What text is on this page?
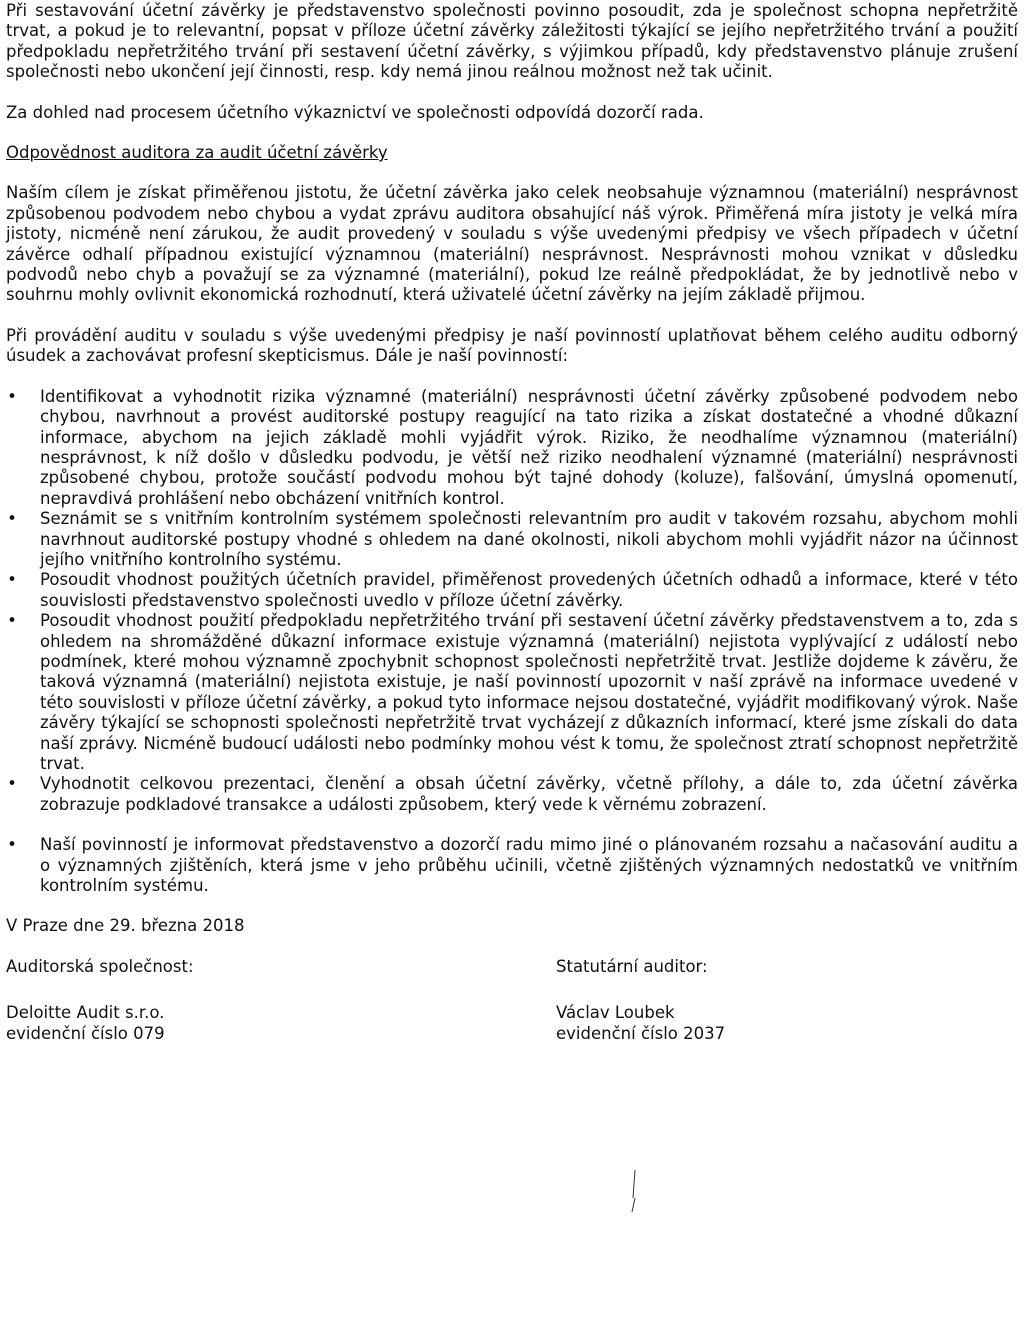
Při sestavování účetní závěrky je představenstvo společnosti povinno posoudit, zda je společnost schopna nepřetržitě trvat, a pokud je to relevantní, popsat v příloze účetní závěrky záležitosti týkající se jejího nepřetržitého trvání a použití předpokladu nepřetržitého trvání při sestavení účetní závěrky, s výjimkou případů, kdy představenstvo plánuje zrušení společnosti nebo ukončení její činnosti, resp. kdy nemá jinou reálnou možnost než tak učinit.

Za dohled nad procesem účetního výkaznictví ve společnosti odpovídá dozorčí rada.

Odpovědnost auditora za audit účetní závěrky

Naším cílem je získat přiměřenou jistotu, že účetní závěrka jako celek neobsahuje významnou (materiální) nesprávnost způsobenou podvodem nebo chybou a vydat zprávu auditora obsahující náš výrok. Přiměřená míra jistoty je velká míra jistoty, nicméně není zárukou, že audit provedený v souladu s výše uvedenými předpisy ve všech případech v účetní závěrce odhalí případnou existující významnou (materiální) nesprávnost. Nesprávnosti mohou vznikat v důsledku podvodů nebo chyb a považují se za významné (materiální), pokud lze reálně předpokládat, že by jednotlivě nebo v souhrnu mohly ovlivnit ekonomická rozhodnutí, která uživatelé účetní závěrky na jejím základě přijmou.

Při provádění auditu v souladu s výše uvedenými předpisy je naší povinností uplatňovat během celého auditu odborný úsudek a zachovávat profesní skepticismus. Dále je naší povinností:

• Identifikovat a vyhodnotit rizika významné (materiální) nesprávnosti účetní závěrky způsobené podvodem nebo chybou, navrhnout a provést auditorské postupy reagující na tato rizika a získat dostatečné a vhodné důkazní informace, abychom na jejich základě mohli vyjádřit výrok. Riziko, že neodhalíme významnou (materiální) nesprávnost, k níž došlo v důsledku podvodu, je větší než riziko neodhalení významné (materiální) nesprávnosti způsobené chybou, protože součástí podvodu mohou být tajné dohody (koluze), falšování, úmyslná opomenutí, nepravdivá prohlášení nebo obcházení vnitřních kontrol.
• Seznámit se s vnitřním kontrolním systémem společnosti relevantním pro audit v takovém rozsahu, abychom mohli navrhnout auditorské postupy vhodné s ohledem na dané okolnosti, nikoli abychom mohli vyjádřit názor na účinnost jejího vnitřního kontrolního systému.
• Posoudit vhodnost použitých účetních pravidel, přiměřenost provedených účetních odhadů a informace, které v této souvislosti představenstvo společnosti uvedlo v příloze účetní závěrky.
• Posoudit vhodnost použití předpokladu nepřetržitého trvání při sestavení účetní závěrky představenstvem a to, zda s ohledem na shromážděné důkazní informace existuje významná (materiální) nejistota vyplývající z událostí nebo podmínek, které mohou významně zpochybnit schopnost společnosti nepřetržitě trvat. Jestliže dojdeme k závěru, že taková významná (materiální) nejistota existuje, je naší povinností upozornit v naší zprávě na informace uvedené v této souvislosti v příloze účetní závěrky, a pokud tyto informace nejsou dostatečné, vyjádřit modifikovaný výrok. Naše závěry týkající se schopnosti společnosti nepřetržitě trvat vycházejí z důkazních informací, které jsme získali do data naší zprávy. Nicméně budoucí události nebo podmínky mohou vést k tomu, že společnost ztratí schopnost nepřetržitě trvat.
• Vyhodnotit celkovou prezentaci, členění a obsah účetní závěrky, včetně přílohy, a dále to, zda účetní závěrka zobrazuje podkladové transakce a události způsobem, který vede k věrnému zobrazení.
• Naší povinností je informovat představenstvo a dozorčí radu mimo jiné o plánovaném rozsahu a načasování auditu a o významných zjištěních, která jsme v jeho průběhu učinili, včetně zjištěných významných nedostatků ve vnitřním kontrolním systému.

V Praze dne 29. března 2018

Auditorská společnost:
Deloitte Audit s.r.o.
evidenční číslo 079
Statutární auditor:
Václav Loubek
evidenční číslo 2037
